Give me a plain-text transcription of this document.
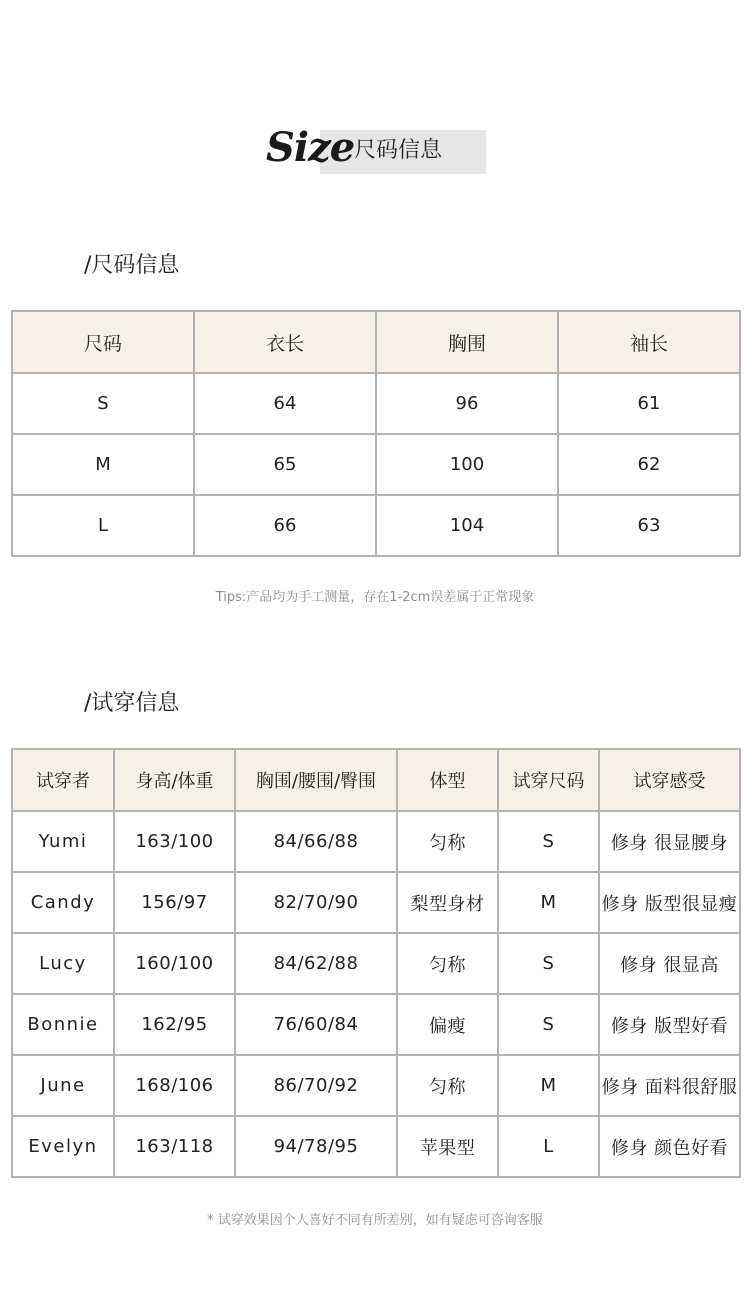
Size 尺码信息
/尺码信息
尺码	衣长	胸围	袖长
S	64	96	61
M	65	100	62
L	66	104	63
Tips:产品均为手工测量，存在1-2cm误差属于正常现象
/试穿信息
试穿者	身高/体重	胸围/腰围/臀围	体型	试穿尺码	试穿感受
Yumi	163/100	84/66/88	匀称	S	修身 很显腰身
Candy	156/97	82/70/90	梨型身材	M	修身 版型很显瘦
Lucy	160/100	84/62/88	匀称	S	修身 很显高
Bonnie	162/95	76/60/84	偏瘦	S	修身 版型好看
June	168/106	86/70/92	匀称	M	修身 面料很舒服
Evelyn	163/118	94/78/95	苹果型	L	修身 颜色好看
* 试穿效果因个人喜好不同有所差别，如有疑虑可咨询客服
